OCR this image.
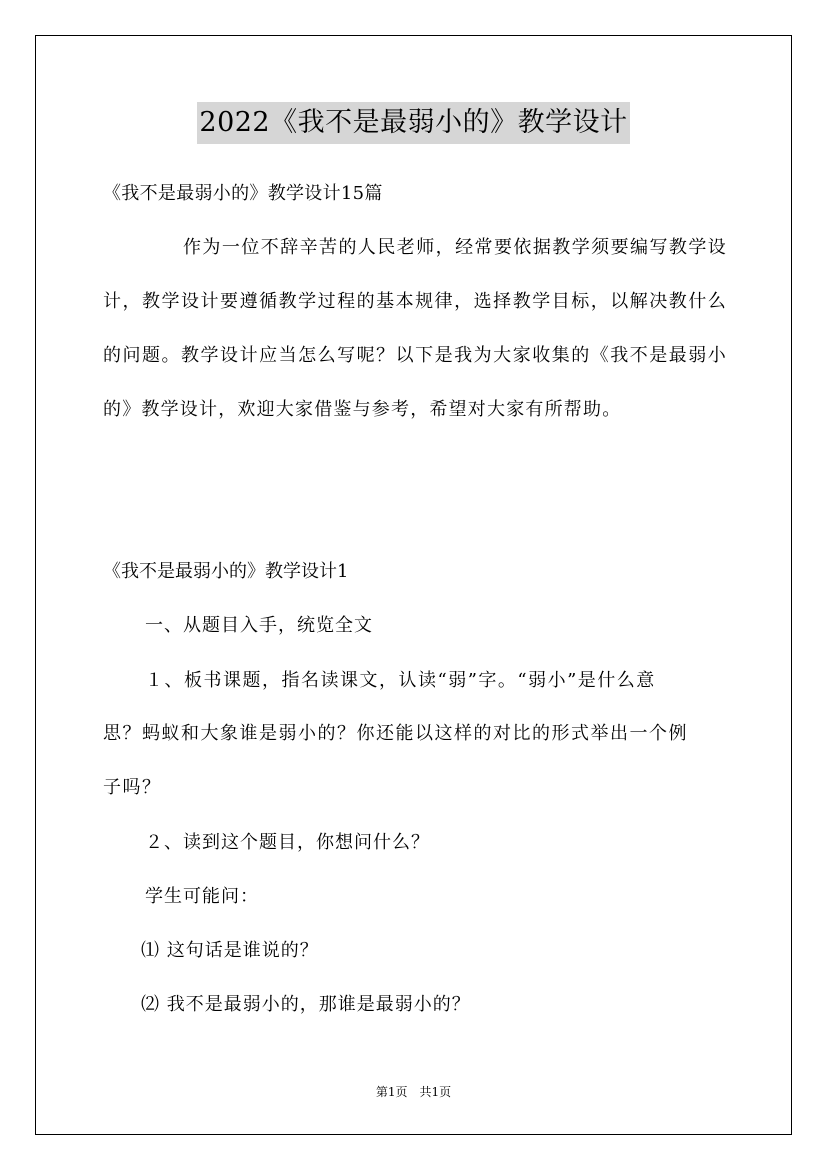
2022《我不是最弱小的》教学设计
《我不是最弱小的》教学设计15篇

作为一位不辞辛苦的人民老师，经常要依据教学须要编写教学设计，教学设计要遵循教学过程的基本规律，选择教学目标，以解决教什么的问题。教学设计应当怎么写呢？以下是我为大家收集的《我不是最弱小的》教学设计，欢迎大家借鉴与参考，希望对大家有所帮助。

《我不是最弱小的》教学设计1
一、从题目入手，统览全文
１、板书课题，指名读课文，认读“弱”字。“弱小”是什么意
思？蚂蚁和大象谁是弱小的？你还能以这样的对比的形式举出一个例
子吗？
２、读到这个题目，你想问什么？
学生可能问：
⑴ 这句话是谁说的？
⑵ 我不是最弱小的，那谁是最弱小的？
第1页　共1页
